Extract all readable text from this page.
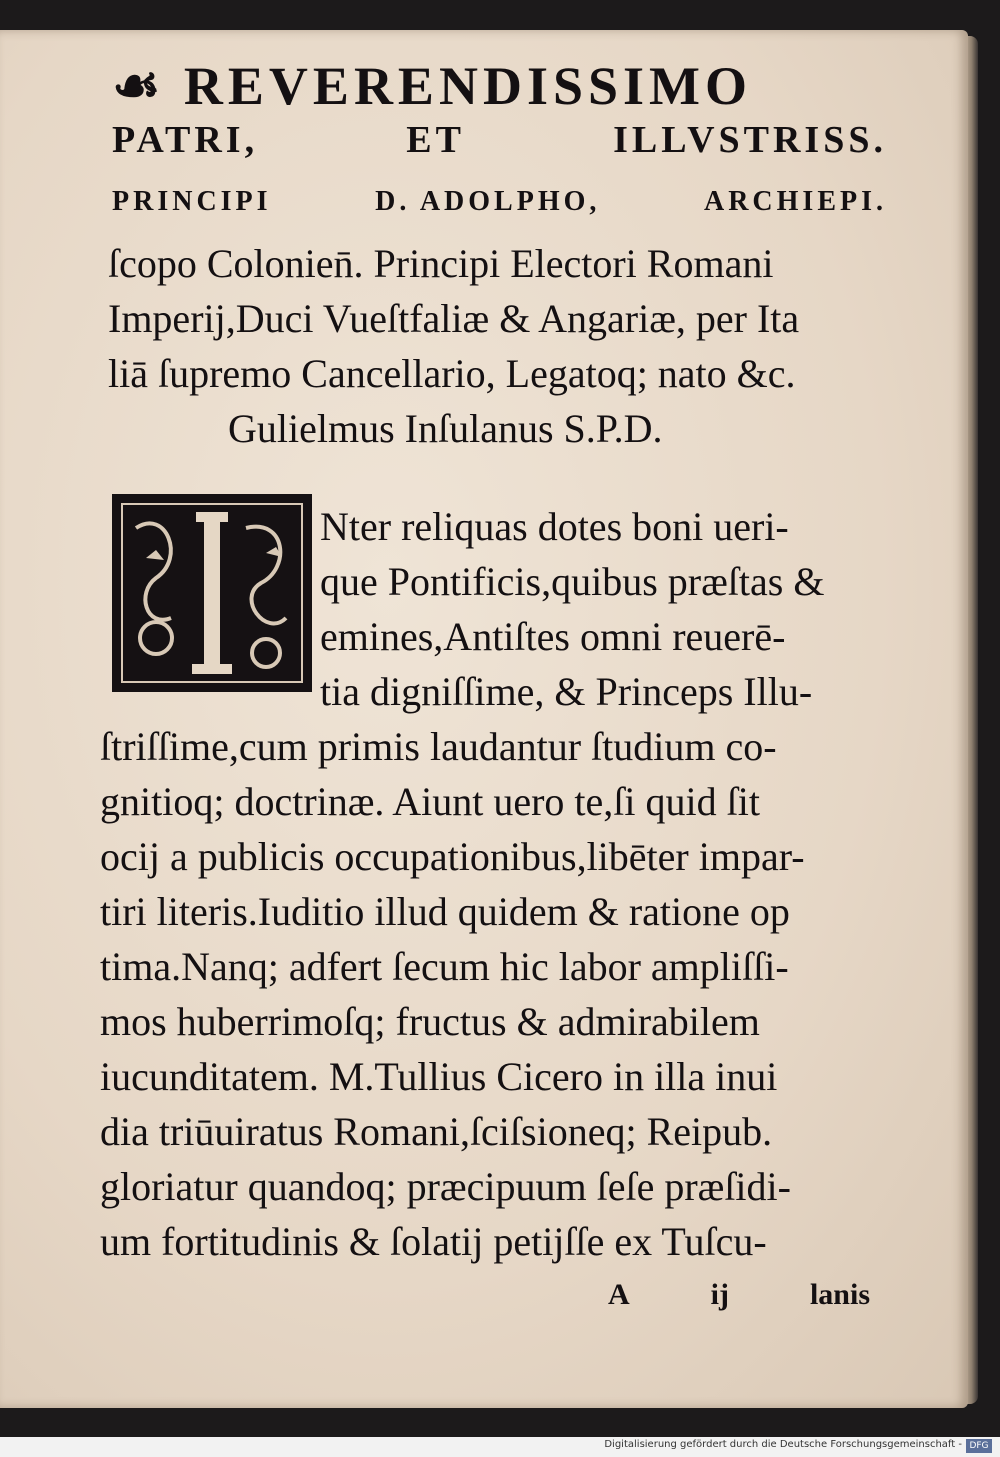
☙ REVERENDISSIMO
PATRI,	ET	ILLVSTRISS.
PRINCIPI	D. ADOLPHO,	ARCHIEPI.
ſcopo Colonien̄. Principi Electori Romani
Imperij,Duci Vueſtfaliæ & Angariæ, per Ita
liā ſupremo Cancellario, Legatoq; nato &c.
Gulielmus Inſulanus S.P.D.
Nter reliquas dotes boni ueri-
que Pontificis,quibus præſtas &
emines,Antiſtes omni reuerē-
tia digniſſime, & Princeps Illu-
ſtriſſime,cum primis laudantur ſtudium co-
gnitioq; doctrinæ. Aiunt uero te,ſi quid ſit
ocij a publicis occupationibus,libēter impar-
tiri literis.Iuditio illud quidem & ratione op
tima.Nanq; adfert ſecum hic labor ampliſſi-
mos huberrimoſq; fructus & admirabilem
iucunditatem. M.Tullius Cicero in illa inui
dia triūuiratus Romani,ſciſsioneq; Reipub.
gloriatur quandoq; præcipuum ſeſe præſidi-
um fortitudinis & ſolatij petijſſe ex Tuſcu-
A	ij	lanis
Digitalisierung gefördert durch die Deutsche Forschungsgemeinschaft - DFG
